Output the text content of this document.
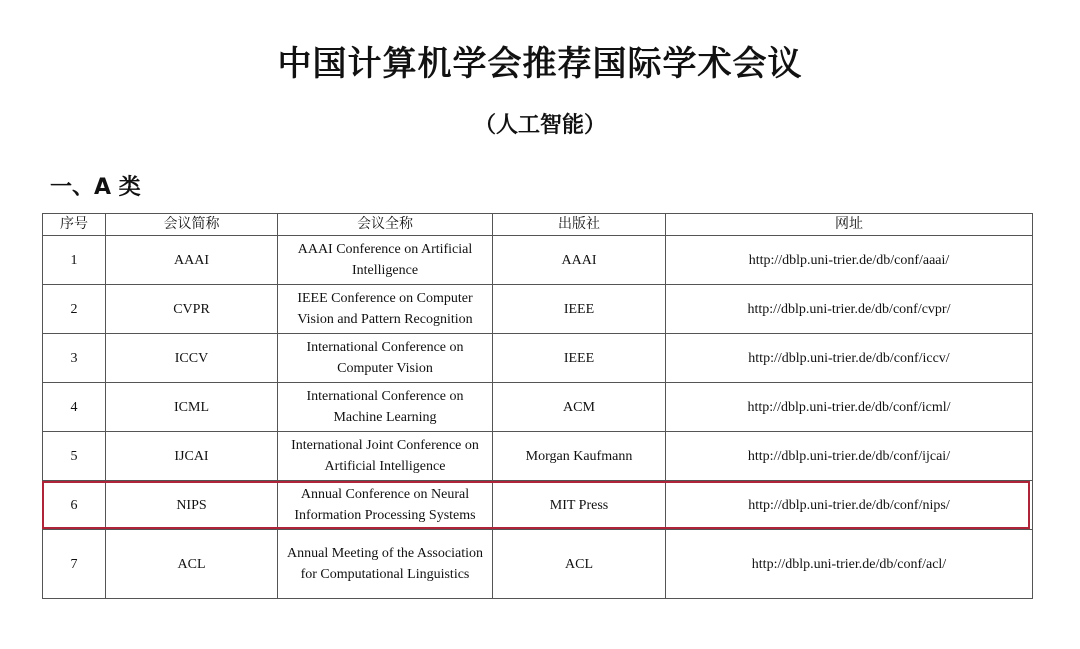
中国计算机学会推荐国际学术会议
（人工智能）
一、A 类
序号	会议简称	会议全称	出版社	网址
1	AAAI	AAAI Conference on Artificial Intelligence	AAAI	http://dblp.uni-trier.de/db/conf/aaai/
2	CVPR	IEEE Conference on Computer Vision and Pattern Recognition	IEEE	http://dblp.uni-trier.de/db/conf/cvpr/
3	ICCV	International Conference on Computer Vision	IEEE	http://dblp.uni-trier.de/db/conf/iccv/
4	ICML	International Conference on Machine Learning	ACM	http://dblp.uni-trier.de/db/conf/icml/
5	IJCAI	International Joint Conference on Artificial Intelligence	Morgan Kaufmann	http://dblp.uni-trier.de/db/conf/ijcai/
6	NIPS	Annual Conference on Neural Information Processing Systems	MIT Press	http://dblp.uni-trier.de/db/conf/nips/
7	ACL	Annual Meeting of the Association for Computational Linguistics	ACL	http://dblp.uni-trier.de/db/conf/acl/
